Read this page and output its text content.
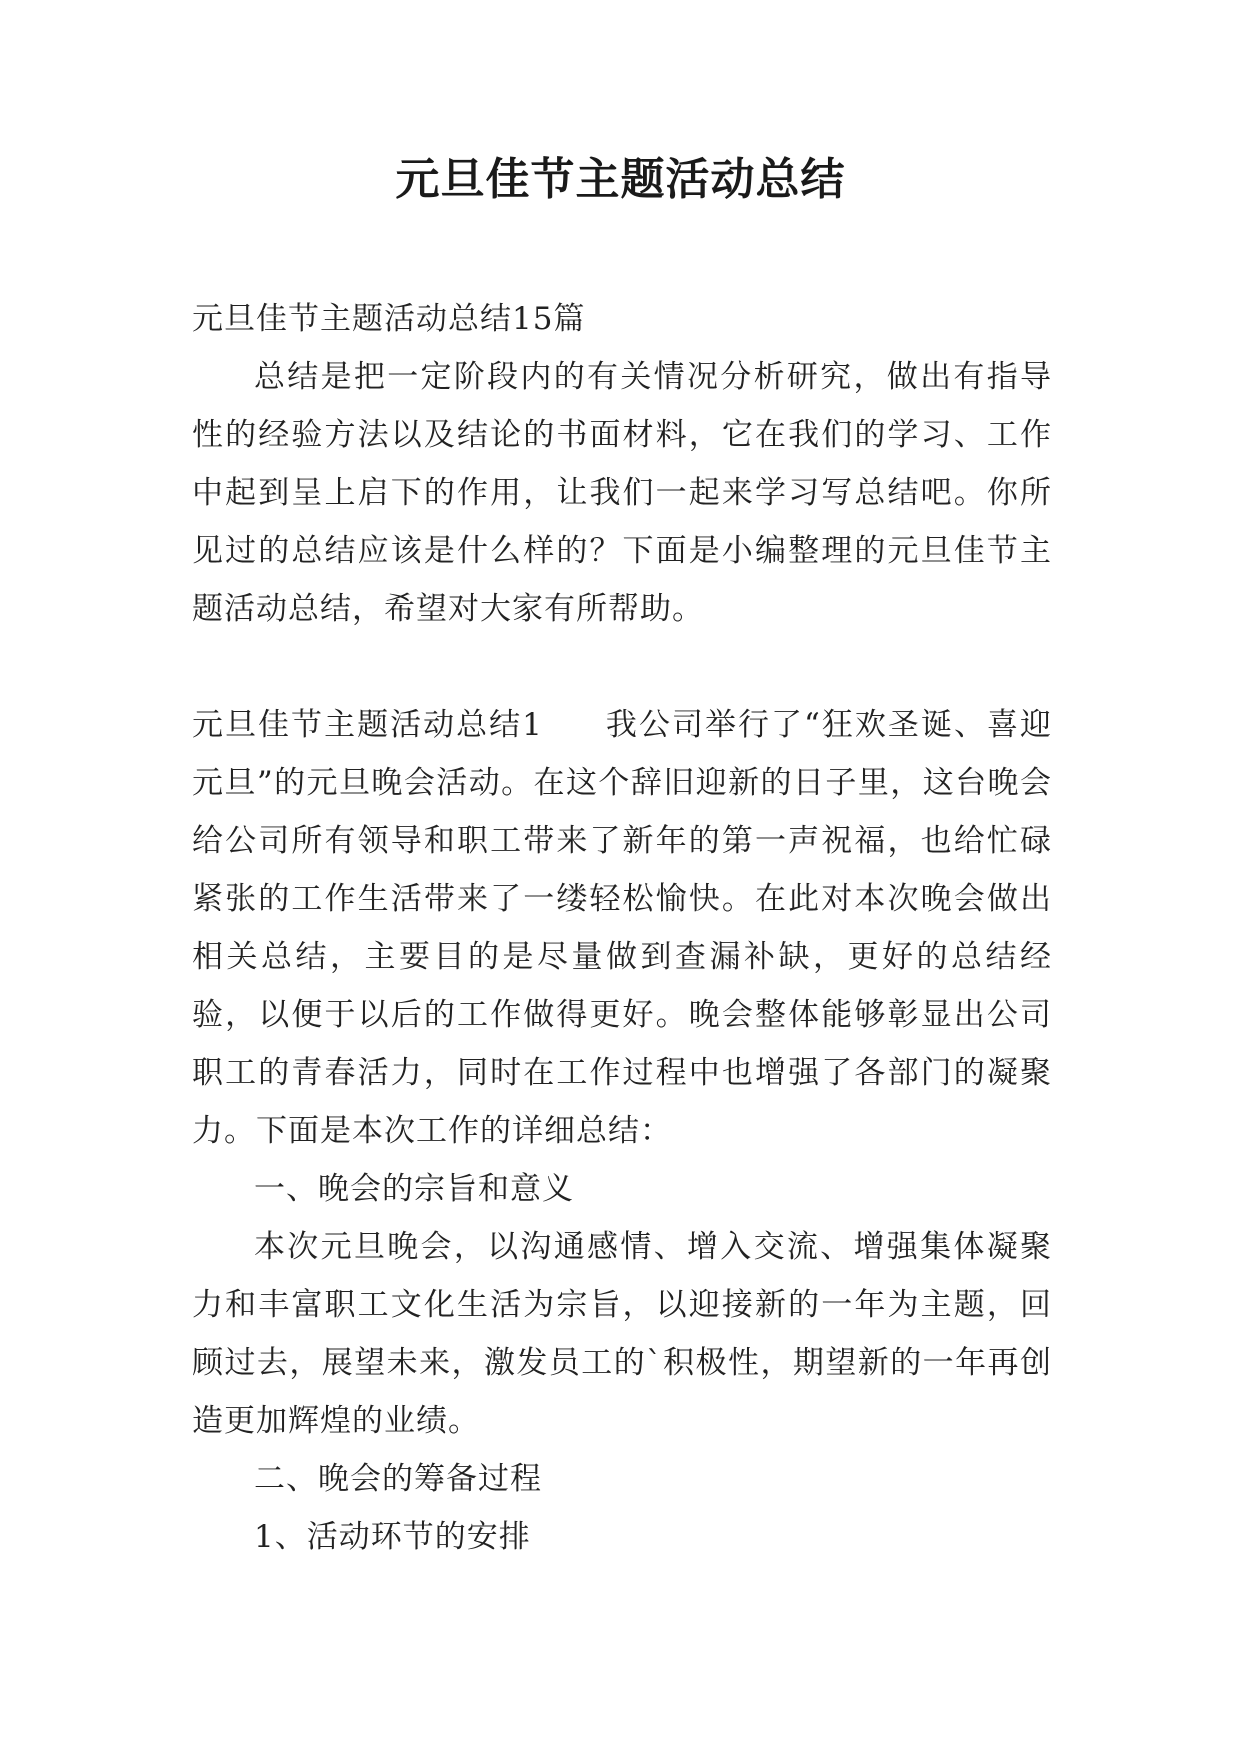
元旦佳节主题活动总结

元旦佳节主题活动总结15篇

总结是把一定阶段内的有关情况分析研究，做出有指导性的经验方法以及结论的书面材料，它在我们的学习、工作中起到呈上启下的作用，让我们一起来学习写总结吧。你所见过的总结应该是什么样的？下面是小编整理的元旦佳节主题活动总结，希望对大家有所帮助。

元旦佳节主题活动总结1 我公司举行了“狂欢圣诞、喜迎元旦”的元旦晚会活动。在这个辞旧迎新的日子里，这台晚会给公司所有领导和职工带来了新年的第一声祝福，也给忙碌紧张的工作生活带来了一缕轻松愉快。在此对本次晚会做出相关总结，主要目的是尽量做到查漏补缺，更好的总结经验，以便于以后的工作做得更好。晚会整体能够彰显出公司职工的青春活力，同时在工作过程中也增强了各部门的凝聚力。下面是本次工作的详细总结：

一、晚会的宗旨和意义

本次元旦晚会，以沟通感情、增入交流、增强集体凝聚力和丰富职工文化生活为宗旨，以迎接新的一年为主题，回顾过去，展望未来，激发员工的`积极性，期望新的一年再创造更加辉煌的业绩。

二、晚会的筹备过程

1、活动环节的安排
